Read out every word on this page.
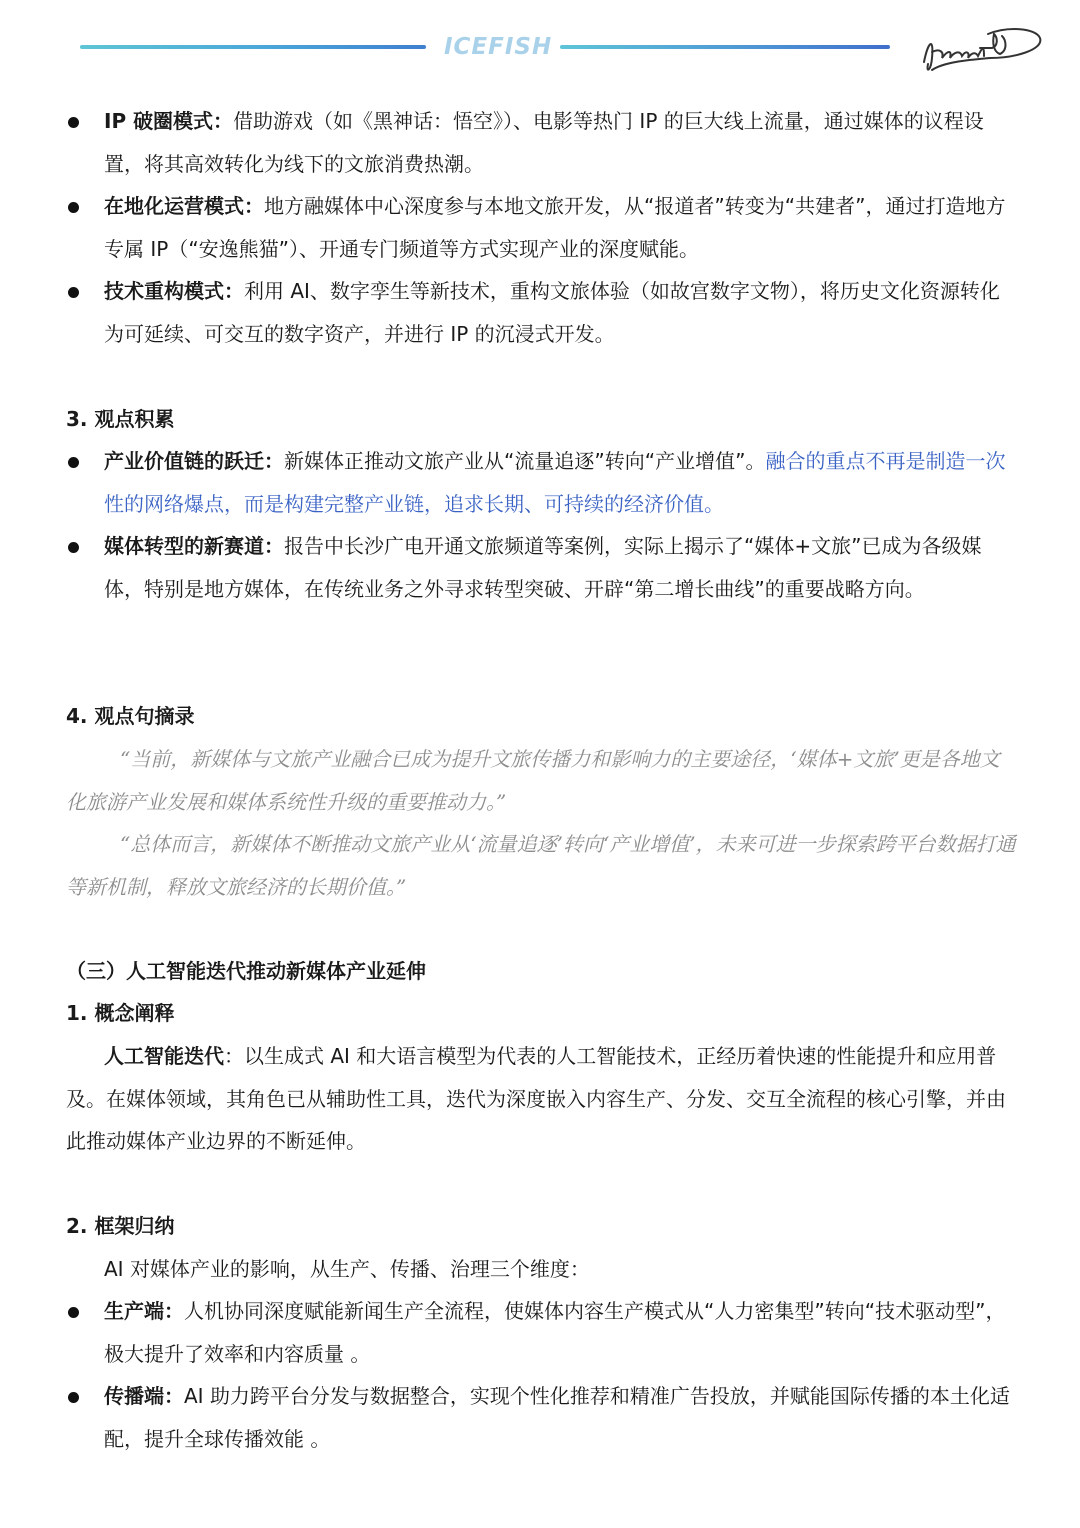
ICEFISH
IP 破圈模式：借助游戏（如《黑神话：悟空》）、电影等热门 IP 的巨大线上流量，通过媒体的议程设置，将其高效转化为线下的文旅消费热潮。
在地化运营模式：地方融媒体中心深度参与本地文旅开发，从“报道者”转变为“共建者”，通过打造地方专属 IP（“安逸熊猫”）、开通专门频道等方式实现产业的深度赋能。
技术重构模式：利用 AI、数字孪生等新技术，重构文旅体验（如故宫数字文物），将历史文化资源转化为可延续、可交互的数字资产，并进行 IP 的沉浸式开发。
3. 观点积累
产业价值链的跃迁：新媒体正推动文旅产业从“流量追逐”转向“产业增值”。融合的重点不再是制造一次性的网络爆点，而是构建完整产业链，追求长期、可持续的经济价值。
媒体转型的新赛道：报告中长沙广电开通文旅频道等案例，实际上揭示了“媒体+文旅”已成为各级媒体，特别是地方媒体，在传统业务之外寻求转型突破、开辟“第二增长曲线”的重要战略方向。
4. 观点句摘录
“当前，新媒体与文旅产业融合已成为提升文旅传播力和影响力的主要途径，‘媒体+文旅’更是各地文化旅游产业发展和媒体系统性升级的重要推动力。”
“总体而言，新媒体不断推动文旅产业从‘流量追逐’转向‘产业增值’，未来可进一步探索跨平台数据打通等新机制，释放文旅经济的长期价值。”
（三）人工智能迭代推动新媒体产业延伸
1. 概念阐释
人工智能迭代：以生成式 AI 和大语言模型为代表的人工智能技术，正经历着快速的性能提升和应用普及。在媒体领域，其角色已从辅助性工具，迭代为深度嵌入内容生产、分发、交互全流程的核心引擎，并由此推动媒体产业边界的不断延伸。
2. 框架归纳
AI 对媒体产业的影响，从生产、传播、治理三个维度：
生产端：人机协同深度赋能新闻生产全流程，使媒体内容生产模式从“人力密集型”转向“技术驱动型”，极大提升了效率和内容质量 。
传播端：AI 助力跨平台分发与数据整合，实现个性化推荐和精准广告投放，并赋能国际传播的本土化适配，提升全球传播效能 。
